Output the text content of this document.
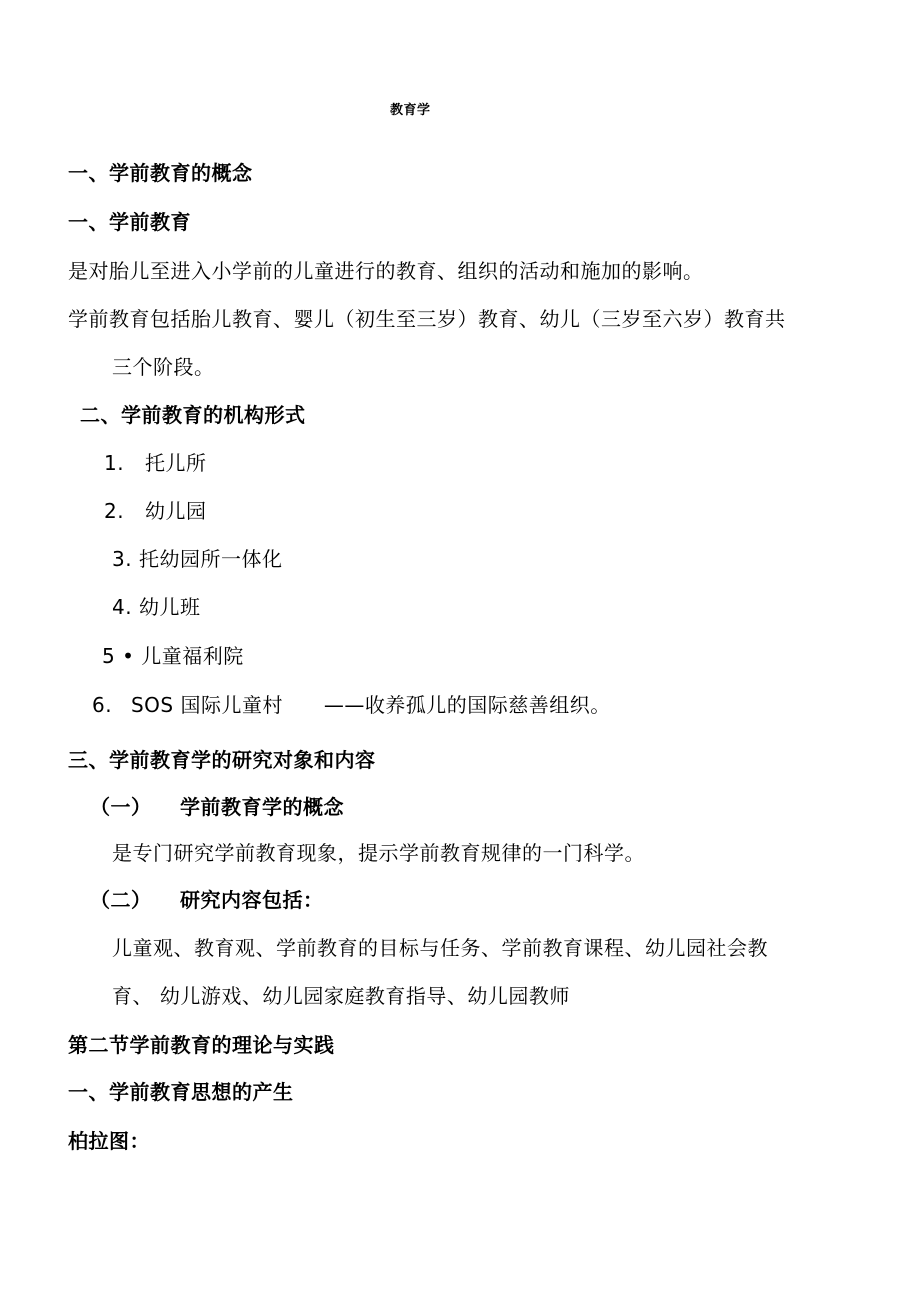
教育学
一、学前教育的概念
一、学前教育
是对胎儿至进入小学前的儿童进行的教育、组织的活动和施加的影响。
学前教育包括胎儿教育、婴儿（初生至三岁）教育、幼儿（三岁至六岁）教育共
三个阶段。
二、学前教育的机构形式
1. 托儿所
2. 幼儿园
3. 托幼园所一体化
4. 幼儿班
5 • 儿童福利院
6. SOS 国际儿童村 ——收养孤儿的国际慈善组织。
三、学前教育学的研究对象和内容
（一） 学前教育学的概念
是专门研究学前教育现象，提示学前教育规律的一门科学。
（二） 研究内容包括：
儿童观、教育观、学前教育的目标与任务、学前教育课程、幼儿园社会教
育、 幼儿游戏、幼儿园家庭教育指导、幼儿园教师
第二节学前教育的理论与实践
一、学前教育思想的产生
柏拉图：
